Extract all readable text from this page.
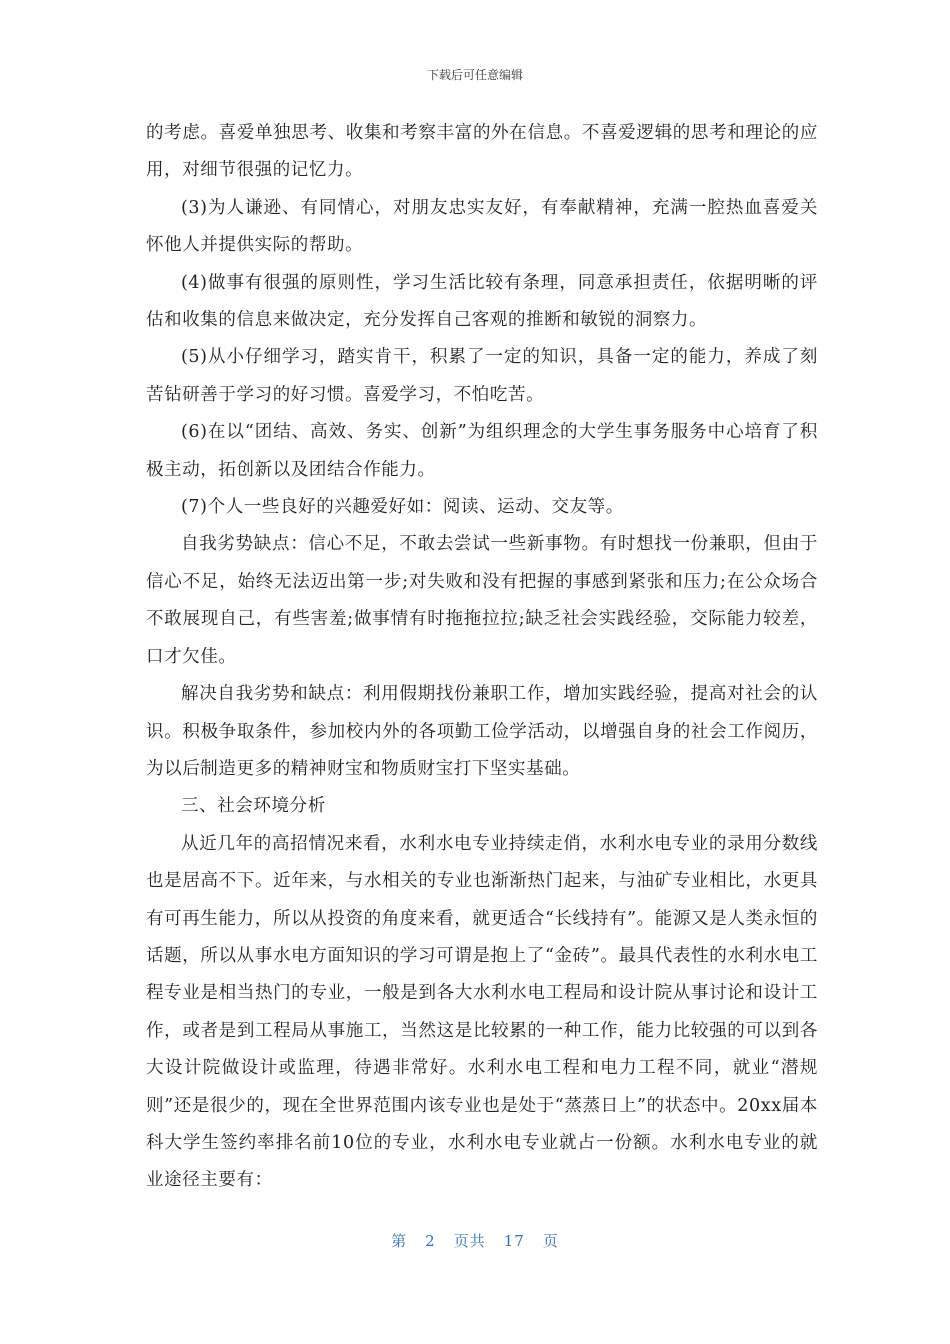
下载后可任意编辑

的考虑。喜爱单独思考、收集和考察丰富的外在信息。不喜爱逻辑的思考和理论的应用，对细节很强的记忆力。

(3)为人谦逊、有同情心，对朋友忠实友好，有奉献精神，充满一腔热血喜爱关怀他人并提供实际的帮助。

(4)做事有很强的原则性，学习生活比较有条理，同意承担责任，依据明晰的评估和收集的信息来做决定，充分发挥自己客观的推断和敏锐的洞察力。

(5)从小仔细学习，踏实肯干，积累了一定的知识，具备一定的能力，养成了刻苦钻研善于学习的好习惯。喜爱学习，不怕吃苦。

(6)在以“团结、高效、务实、创新”为组织理念的大学生事务服务中心培育了积极主动，拓创新以及团结合作能力。

(7)个人一些良好的兴趣爱好如：阅读、运动、交友等。

自我劣势缺点：信心不足，不敢去尝试一些新事物。有时想找一份兼职，但由于信心不足，始终无法迈出第一步;对失败和没有把握的事感到紧张和压力;在公众场合不敢展现自己，有些害羞;做事情有时拖拖拉拉;缺乏社会实践经验，交际能力较差，口才欠佳。

解决自我劣势和缺点：利用假期找份兼职工作，增加实践经验，提高对社会的认识。积极争取条件，参加校内外的各项勤工俭学活动，以增强自身的社会工作阅历，为以后制造更多的精神财宝和物质财宝打下坚实基础。

三、社会环境分析

从近几年的高招情况来看，水利水电专业持续走俏，水利水电专业的录用分数线也是居高不下。近年来，与水相关的专业也渐渐热门起来，与油矿专业相比，水更具有可再生能力，所以从投资的角度来看，就更适合“长线持有”。能源又是人类永恒的话题，所以从事水电方面知识的学习可谓是抱上了“金砖”。最具代表性的水利水电工程专业是相当热门的专业，一般是到各大水利水电工程局和设计院从事讨论和设计工作，或者是到工程局从事施工，当然这是比较累的一种工作，能力比较强的可以到各大设计院做设计或监理，待遇非常好。水利水电工程和电力工程不同，就业“潜规则”还是很少的，现在全世界范围内该专业也是处于“蒸蒸日上”的状态中。20xx届本科大学生签约率排名前10位的专业，水利水电专业就占一份额。水利水电专业的就业途径主要有：

第 2 页共 17 页
